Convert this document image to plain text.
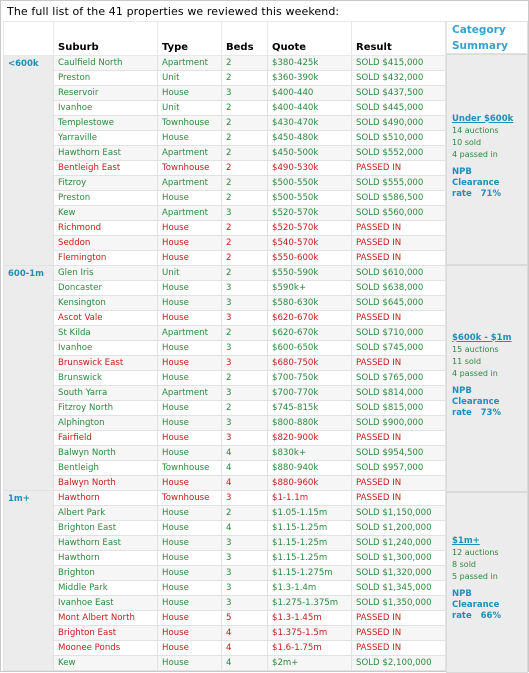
The full list of the 41 properties we reviewed this weekend:
	Suburb	Type	Beds	Quote	Result
<600k	Caulfield North	Apartment	2	$380-425k	SOLD $415,000
	Preston	Unit	2	$360-390k	SOLD $432,000
	Reservoir	House	3	$400-440	SOLD $437,500
	Ivanhoe	Unit	2	$400-440k	SOLD $445,000
	Templestowe	Townhouse	2	$430-470k	SOLD $490,000
	Yarraville	House	2	$450-480k	SOLD $510,000
	Hawthorn East	Apartment	2	$450-500k	SOLD $552,000
	Bentleigh East	Townhouse	2	$490-530k	PASSED IN
	Fitzroy	Apartment	2	$500-550k	SOLD $555,000
	Preston	House	2	$500-550k	SOLD $586,500
	Kew	Apartment	3	$520-570k	SOLD $560,000
	Richmond	House	2	$520-570k	PASSED IN
	Seddon	House	2	$540-570k	PASSED IN
	Flemington	House	2	$550-600k	PASSED IN
600-1m	Glen Iris	Unit	2	$550-590k	SOLD $610,000
	Doncaster	House	3	$590k+	SOLD $638,000
	Kensington	House	3	$580-630k	SOLD $645,000
	Ascot Vale	House	3	$620-670k	PASSED IN
	St Kilda	Apartment	2	$620-670k	SOLD $710,000
	Ivanhoe	House	3	$600-650k	SOLD $745,000
	Brunswick East	House	3	$680-750k	PASSED IN
	Brunswick	House	2	$700-750k	SOLD $765,000
	South Yarra	Apartment	3	$700-770k	SOLD $814,000
	Fitzroy North	House	2	$745-815k	SOLD $815,000
	Alphington	House	3	$800-880k	SOLD $900,000
	Fairfield	House	3	$820-900k	PASSED IN
	Balwyn North	House	4	$830k+	SOLD $954,500
	Bentleigh	Townhouse	4	$880-940k	SOLD $957,000
	Balwyn North	House	4	$880-960k	PASSED IN
1m+	Hawthorn	Townhouse	3	$1-1.1m	PASSED IN
	Albert Park	House	2	$1.05-1.15m	SOLD $1,150,000
	Brighton East	House	4	$1.15-1.25m	SOLD $1,200,000
	Hawthorn East	House	3	$1.15-1.25m	SOLD $1,240,000
	Hawthorn	House	3	$1.15-1.25m	SOLD $1,300,000
	Brighton	House	3	$1.15-1.275m	SOLD $1,320,000
	Middle Park	House	3	$1.3-1.4m	SOLD $1,345,000
	Ivanhoe East	House	3	$1.275-1.375m	SOLD $1,350,000
	Mont Albert North	House	5	$1.3-1.45m	PASSED IN
	Brighton East	House	4	$1.375-1.5m	PASSED IN
	Moonee Ponds	House	4	$1.6-1.75m	PASSED IN
	Kew	House	4	$2m+	SOLD $2,100,000
Category
Summary
Under $600k
14 auctions
10 sold
4 passed in
NPB
Clearance
rate   71%
$600k - $1m
15 auctions
11 sold
4 passed in
NPB
Clearance
rate   73%
$1m+
12 auctions
8 sold
5 passed in
NPB
Clearance
rate   66%
